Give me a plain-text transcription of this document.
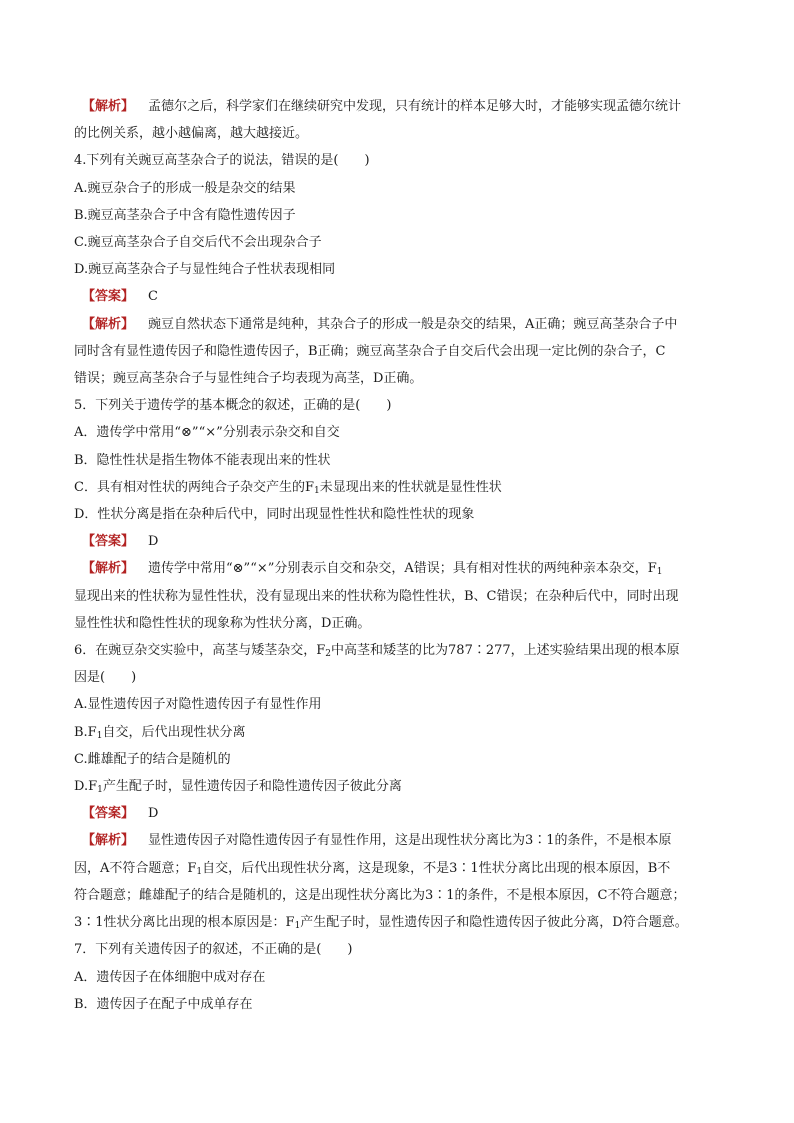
【解析】 孟德尔之后，科学家们在继续研究中发现，只有统计的样本足够大时，才能够实现孟德尔统计
的比例关系，越小越偏离，越大越接近。
4.下列有关豌豆高茎杂合子的说法，错误的是(　　)
A.豌豆杂合子的形成一般是杂交的结果
B.豌豆高茎杂合子中含有隐性遗传因子
C.豌豆高茎杂合子自交后代不会出现杂合子
D.豌豆高茎杂合子与显性纯合子性状表现相同
【答案】 C
【解析】 豌豆自然状态下通常是纯种，其杂合子的形成一般是杂交的结果，A正确；豌豆高茎杂合子中
同时含有显性遗传因子和隐性遗传因子，B正确；豌豆高茎杂合子自交后代会出现一定比例的杂合子，C
错误；豌豆高茎杂合子与显性纯合子均表现为高茎，D正确。
5．下列关于遗传学的基本概念的叙述，正确的是(　　)
A．遗传学中常用“⊗”“×”分别表示杂交和自交
B．隐性性状是指生物体不能表现出来的性状
C．具有相对性状的两纯合子杂交产生的$F_1$未显现出来的性状就是显性性状
D．性状分离是指在杂种后代中，同时出现显性性状和隐性性状的现象
【答案】 D
【解析】 遗传学中常用“⊗”“×”分别表示自交和杂交，A错误；具有相对性状的两纯种亲本杂交，$F_1$
显现出来的性状称为显性性状，没有显现出来的性状称为隐性性状，B、C错误；在杂种后代中，同时出现
显性性状和隐性性状的现象称为性状分离，D正确。
6．在豌豆杂交实验中，高茎与矮茎杂交，$F_2$中高茎和矮茎的比为787∶277，上述实验结果出现的根本原
因是(　　)
A.显性遗传因子对隐性遗传因子有显性作用
$B.F_1$自交，后代出现性状分离
C.雌雄配子的结合是随机的
$D.F_1$产生配子时，显性遗传因子和隐性遗传因子彼此分离
【答案】 D
【解析】 显性遗传因子对隐性遗传因子有显性作用，这是出现性状分离比为3∶1的条件，不是根本原
因，A不符合题意；$F_1$自交，后代出现性状分离，这是现象，不是3∶1性状分离比出现的根本原因，B不
符合题意；雌雄配子的结合是随机的，这是出现性状分离比为3∶1的条件，不是根本原因，C不符合题意；
3∶1性状分离比出现的根本原因是：$F_1$产生配子时，显性遗传因子和隐性遗传因子彼此分离，D符合题意。
7．下列有关遗传因子的叙述，不正确的是(　　)
A．遗传因子在体细胞中成对存在
B．遗传因子在配子中成单存在
